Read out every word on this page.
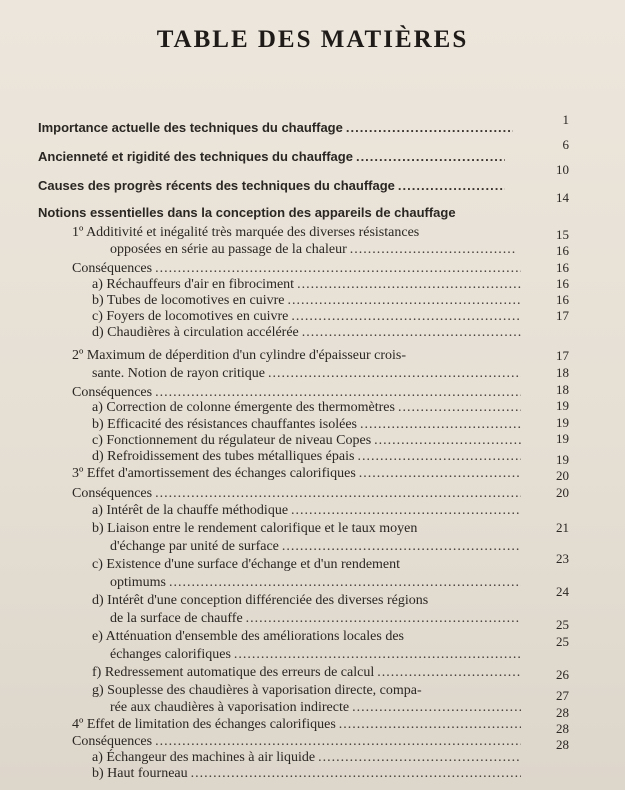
TABLE DES MATIÈRES
Importance actuelle des techniques du chauffage
.....
Ancienneté et rigidité des techniques du chauffage
.....
Causes des progrès récents des techniques du chauffage
.....
Notions essentielles dans la conception des appareils de chauffage
1º Additivité et inégalité très marquée des diverses résistances
opposées en série au passage de la chaleur
.....
Conséquences
.....
a) Réchauffeurs d'air en fibrociment
.....
b) Tubes de locomotives en cuivre
.....
c) Foyers de locomotives en cuivre
.....
d) Chaudières à circulation accélérée
.....
2º Maximum de déperdition d'un cylindre d'épaisseur crois-
sante. Notion de rayon critique
.....
Conséquences
.....
a) Correction de colonne émergente des thermomètres
.....
b) Efficacité des résistances chauffantes isolées
.....
c) Fonctionnement du régulateur de niveau Copes
.....
d) Refroidissement des tubes métalliques épais
.....
3º Effet d'amortissement des échanges calorifiques
.....
Conséquences
.....
a) Intérêt de la chauffe méthodique
.....
b) Liaison entre le rendement calorifique et le taux moyen
d'échange par unité de surface
.....
c) Existence d'une surface d'échange et d'un rendement
optimums
.....
d) Intérêt d'une conception différenciée des diverses régions
de la surface de chauffe
.....
e) Atténuation d'ensemble des améliorations locales des
échanges calorifiques
.....
f) Redressement automatique des erreurs de calcul
.....
g) Souplesse des chaudières à vaporisation directe, compa-
rée aux chaudières à vaporisation indirecte
.....
4º Effet de limitation des échanges calorifiques
.....
Conséquences
.....
a) Échangeur des machines à air liquide
.....
b) Haut fourneau
.....
1
6
10
14
15
16
16
16
16
17
17
18
18
19
19
19
19
20
20
21
23
24
25
25
26
27
28
28
28
